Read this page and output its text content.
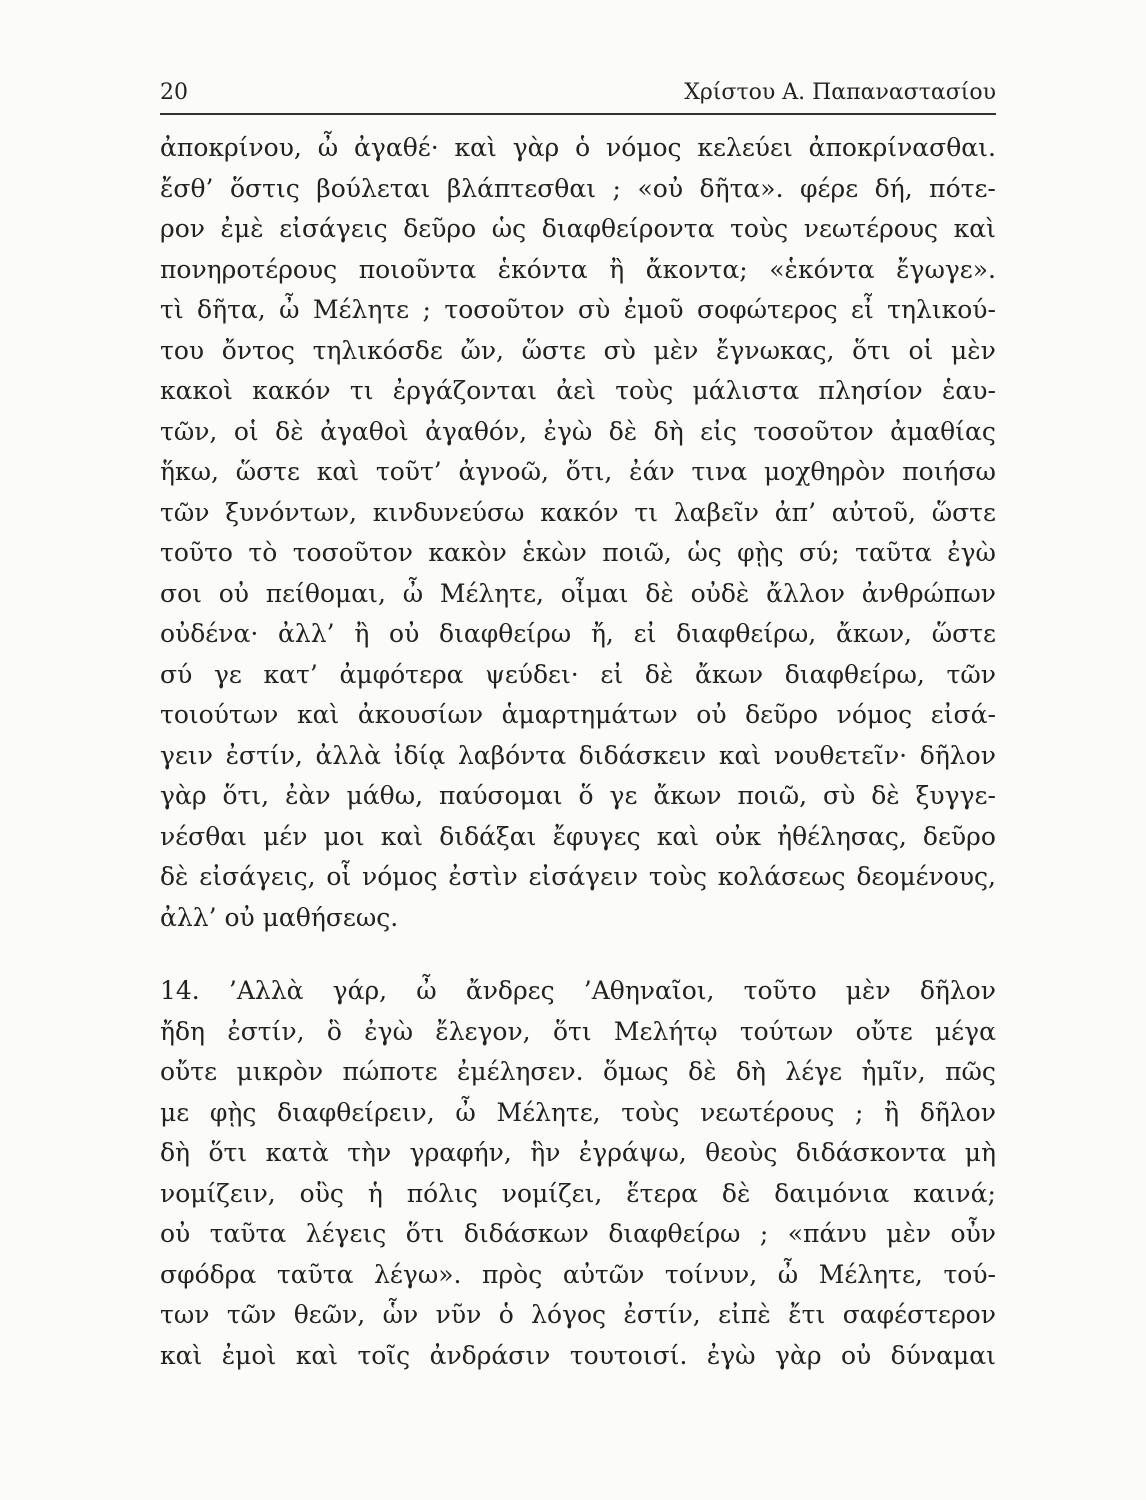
20	Χρίστου Α. Παπαναστασίου
ἀποκρίνου, ὦ ἀγαθέ· καὶ γὰρ ὁ νόμος κελεύει ἀποκρίνασθαι.
ἔσθ’ ὅστις βούλεται βλάπτεσθαι ; «οὐ δῆτα». φέρε δή, πότε-
ρον ἐμὲ εἰσάγεις δεῦρο ὡς διαφθείροντα τοὺς νεωτέρους καὶ
πονηροτέρους ποιοῦντα ἑκόντα ἢ ἄκοντα; «ἑκόντα ἔγωγε».
τὶ δῆτα, ὦ Μέλητε ; τοσοῦτον σὺ ἐμοῦ σοφώτερος εἶ τηλικού-
του ὄντος τηλικόσδε ὤν, ὥστε σὺ μὲν ἔγνωκας, ὅτι οἱ μὲν
κακοὶ κακόν τι ἐργάζονται ἀεὶ τοὺς μάλιστα πλησίον ἑαυ-
τῶν, οἱ δὲ ἀγαθοὶ ἀγαθόν, ἐγὼ δὲ δὴ εἰς τοσοῦτον ἀμαθίας
ἥκω, ὥστε καὶ τοῦτ’ ἀγνοῶ, ὅτι, ἐάν τινα μοχθηρὸν ποιήσω
τῶν ξυνόντων, κινδυνεύσω κακόν τι λαβεῖν ἀπ’ αὐτοῦ, ὥστε
τοῦτο τὸ τοσοῦτον κακὸν ἑκὼν ποιῶ, ὡς φῂς σύ; ταῦτα ἐγὼ
σοι οὐ πείθομαι, ὦ Μέλητε, οἶμαι δὲ οὐδὲ ἄλλον ἀνθρώπων
οὐδένα· ἀλλ’ ἢ οὐ διαφθείρω ἤ, εἰ διαφθείρω, ἄκων, ὥστε
σύ γε κατ’ ἀμφότερα ψεύδει· εἰ δὲ ἄκων διαφθείρω, τῶν
τοιούτων καὶ ἀκουσίων ἁμαρτημάτων οὐ δεῦρο νόμος εἰσά-
γειν ἐστίν, ἀλλὰ ἰδίᾳ λαβόντα διδάσκειν καὶ νουθετεῖν· δῆλον
γὰρ ὅτι, ἐὰν μάθω, παύσομαι ὅ γε ἄκων ποιῶ, σὺ δὲ ξυγγε-
νέσθαι μέν μοι καὶ διδάξαι ἔφυγες καὶ οὐκ ἠθέλησας, δεῦρο
δὲ εἰσάγεις, οἷ νόμος ἐστὶν εἰσάγειν τοὺς κολάσεως δεομένους,
ἀλλ’ οὐ μαθήσεως.
14. ’Αλλὰ γάρ, ὦ ἄνδρες ’Αθηναῖοι, τοῦτο μὲν δῆλον
ἤδη ἐστίν, ὃ ἐγὼ ἔλεγον, ὅτι Μελήτῳ τούτων οὔτε μέγα
οὔτε μικρὸν πώποτε ἐμέλησεν. ὅμως δὲ δὴ λέγε ἡμῖν, πῶς
με φῂς διαφθείρειν, ὦ Μέλητε, τοὺς νεωτέρους ; ἢ δῆλον
δὴ ὅτι κατὰ τὴν γραφήν, ἣν ἐγράψω, θεοὺς διδάσκοντα μὴ
νομίζειν, οὓς ἡ πόλις νομίζει, ἕτερα δὲ δαιμόνια καινά;
οὐ ταῦτα λέγεις ὅτι διδάσκων διαφθείρω ; «πάνυ μὲν οὖν
σφόδρα ταῦτα λέγω». πρὸς αὐτῶν τοίνυν, ὦ Μέλητε, τού-
των τῶν θεῶν, ὧν νῦν ὁ λόγος ἐστίν, εἰπὲ ἔτι σαφέστερον
καὶ ἐμοὶ καὶ τοῖς ἀνδράσιν τουτοισί. ἐγὼ γὰρ οὐ δύναμαι
